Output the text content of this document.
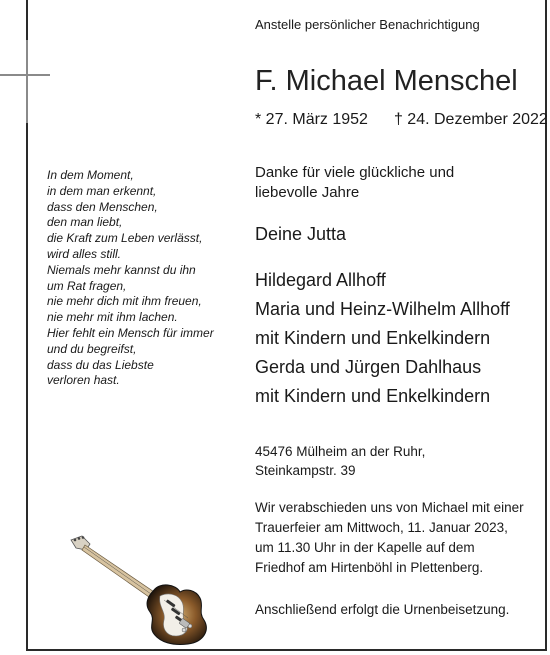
Anstelle persönlicher Benachrichtigung
F. Michael Menschel
* 27. März 1952 † 24. Dezember 2022
Danke für viele glückliche und
liebevolle Jahre
Deine Jutta
Hildegard Allhoff
Maria und Heinz-Wilhelm Allhoff
mit Kindern und Enkelkindern
Gerda und Jürgen Dahlhaus
mit Kindern und Enkelkindern
45476 Mülheim an der Ruhr,
Steinkampstr. 39
Wir verabschieden uns von Michael mit einer
Trauerfeier am Mittwoch, 11. Januar 2023,
um 11.30 Uhr in der Kapelle auf dem
Friedhof am Hirtenböhl in Plettenberg.
Anschließend erfolgt die Urnenbeisetzung.
In dem Moment,
in dem man erkennt,
dass den Menschen,
den man liebt,
die Kraft zum Leben verlässt,
wird alles still.
Niemals mehr kannst du ihn
um Rat fragen,
nie mehr dich mit ihm freuen,
nie mehr mit ihm lachen.
Hier fehlt ein Mensch für immer
und du begreifst,
dass du das Liebste
verloren hast.
